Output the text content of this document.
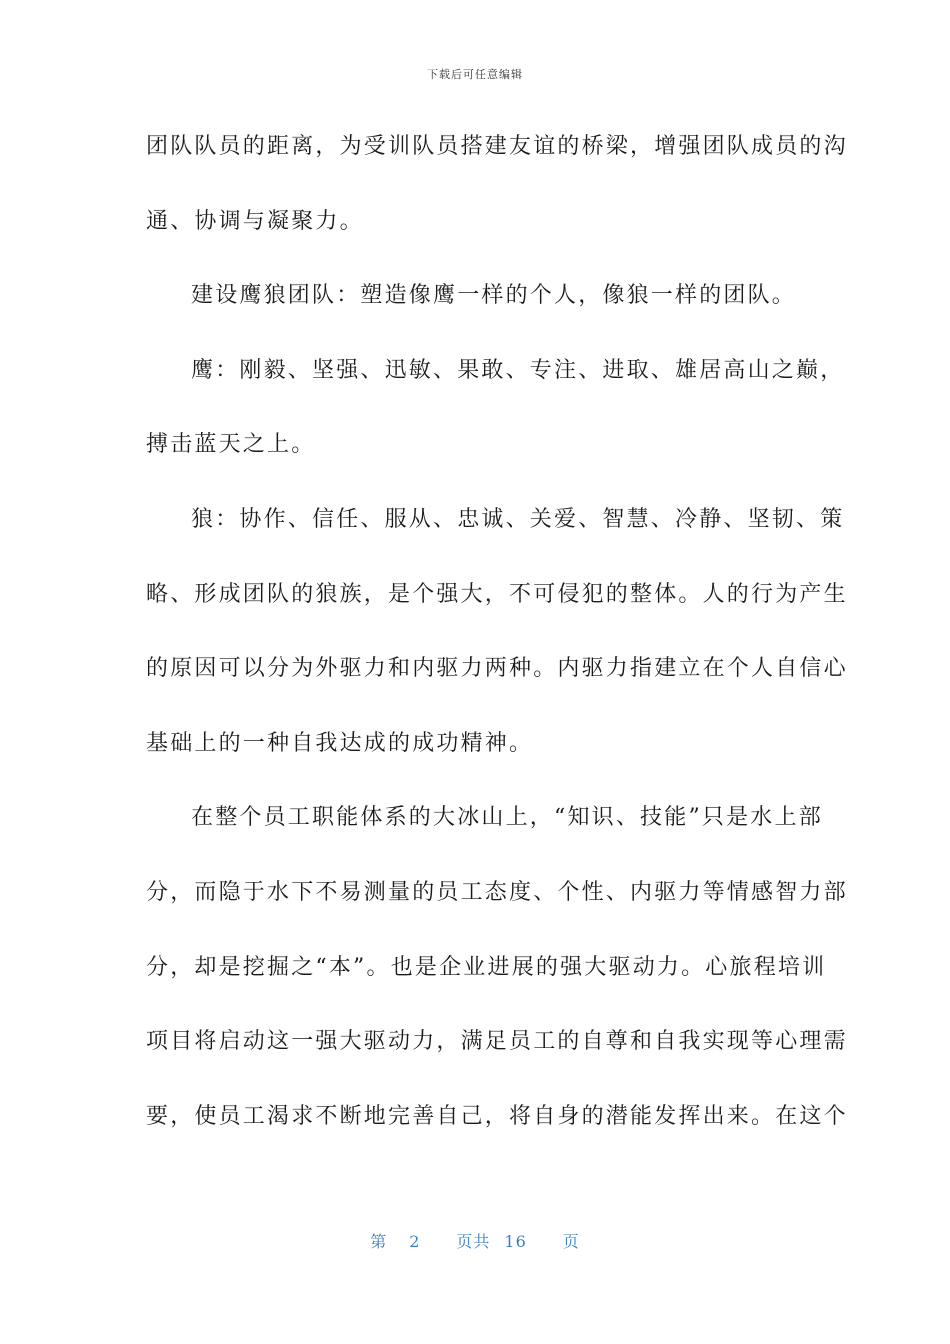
下载后可任意编辑
团队队员的距离，为受训队员搭建友谊的桥梁，增强团队成员的沟
通、协调与凝聚力。
建设鹰狼团队：塑造像鹰一样的个人，像狼一样的团队。
鹰：刚毅、坚强、迅敏、果敢、专注、进取、雄居高山之巅，
搏击蓝天之上。
狼：协作、信任、服从、忠诚、关爱、智慧、冷静、坚韧、策
略、形成团队的狼族，是个强大，不可侵犯的整体。人的行为产生
的原因可以分为外驱力和内驱力两种。内驱力指建立在个人自信心
基础上的一种自我达成的成功精神。
在整个员工职能体系的大冰山上，“知识、技能”只是水上部
分，而隐于水下不易测量的员工态度、个性、内驱力等情感智力部
分，却是挖掘之“本”。也是企业进展的强大驱动力。心旅程培训
项目将启动这一强大驱动力，满足员工的自尊和自我实现等心理需
要，使员工渴求不断地完善自己，将自身的潜能发挥出来。在这个
第 2 页共 16 页
